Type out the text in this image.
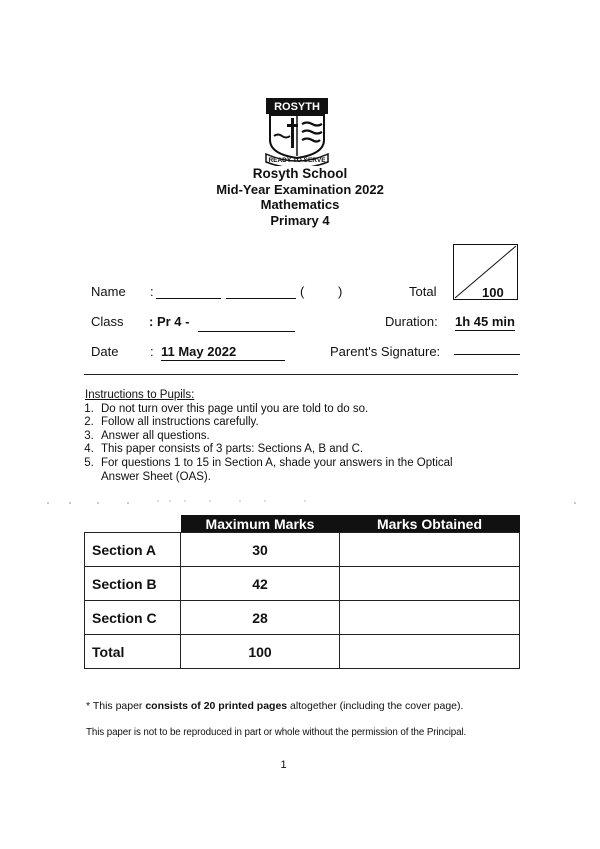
ROSYTH
READY TO SERVE
Rosyth School
Mid-Year Examination 2022
Mathematics
Primary 4
100
Name :	(	)	Total
Class : Pr 4 -	Duration: 1h 45 min
Date : 11 May 2022	Parent's Signature:
Instructions to Pupils:
1. Do not turn over this page until you are told to do so.
2. Follow all instructions carefully.
3. Answer all questions.
4. This paper consists of 3 parts: Sections A, B and C.
5. For questions 1 to 15 in Section A, shade your answers in the Optical Answer Sheet (OAS).
	Maximum Marks	Marks Obtained
Section A	30	
Section B	42	
Section C	28	
Total	100	
* This paper consists of 20 printed pages altogether (including the cover page).
This paper is not to be reproduced in part or whole without the permission of the Principal.
1
